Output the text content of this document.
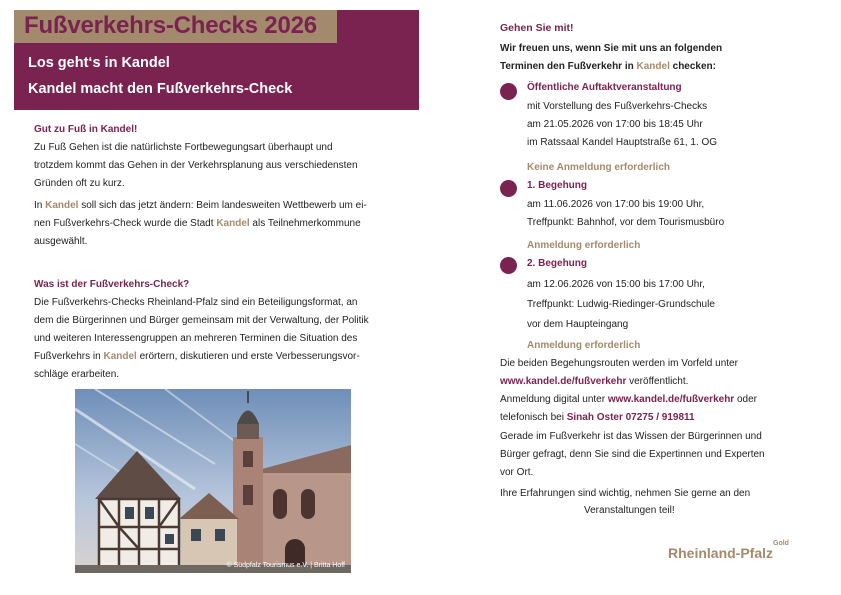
Fußverkehrs-Checks 2026
Los geht‘s in Kandel
Kandel macht den Fußverkehrs-Check
Gut zu Fuß in Kandel!
Zu Fuß Gehen ist die natürlichste Fortbewegungsart überhaupt und
trotzdem kommt das Gehen in der Verkehrsplanung aus verschiedensten
Gründen oft zu kurz.
In Kandel soll sich das jetzt ändern: Beim landesweiten Wettbewerb um ei-
nen Fußverkehrs-Check wurde die Stadt Kandel als Teilnehmerkommune
ausgewählt.
Was ist der Fußverkehrs-Check?
Die Fußverkehrs-Checks Rheinland-Pfalz sind ein Beteiligungsformat, an
dem die Bürgerinnen und Bürger gemeinsam mit der Verwaltung, der Politik
und weiteren Interessengruppen an mehreren Terminen die Situation des
Fußverkehrs in Kandel erörtern, diskutieren und erste Verbesserungsvor-
schläge erarbeiten.
© Südpfalz Tourismus e.V. | Britta Hoff
Gehen Sie mit!
Wir freuen uns, wenn Sie mit uns an folgenden
Terminen den Fußverkehr in Kandel checken:
Öffentliche Auftaktveranstaltung
mit Vorstellung des Fußverkehrs-Checks
am 21.05.2026 von 17:00 bis 18:45 Uhr
im Ratssaal Kandel Hauptstraße 61, 1. OG
Keine Anmeldung erforderlich
1. Begehung
am 11.06.2026 von 17:00 bis 19:00 Uhr,
Treffpunkt: Bahnhof, vor dem Tourismusbüro
Anmeldung erforderlich
2. Begehung
am 12.06.2026 von 15:00 bis 17:00 Uhr,
Treffpunkt: Ludwig-Riedinger-Grundschule
vor dem Haupteingang
Anmeldung erforderlich
Die beiden Begehungsrouten werden im Vorfeld unter
www.kandel.de/fußverkehr veröffentlicht.
Anmeldung digital unter www.kandel.de/fußverkehr oder
telefonisch bei Sinah Oster 07275 / 919811
Gerade im Fußverkehr ist das Wissen der Bürgerinnen und
Bürger gefragt, denn Sie sind die Expertinnen und Experten
vor Ort.
Ihre Erfahrungen sind wichtig, nehmen Sie gerne an den
Veranstaltungen teil!
Rheinland-Pfalz$^{Gold}$
